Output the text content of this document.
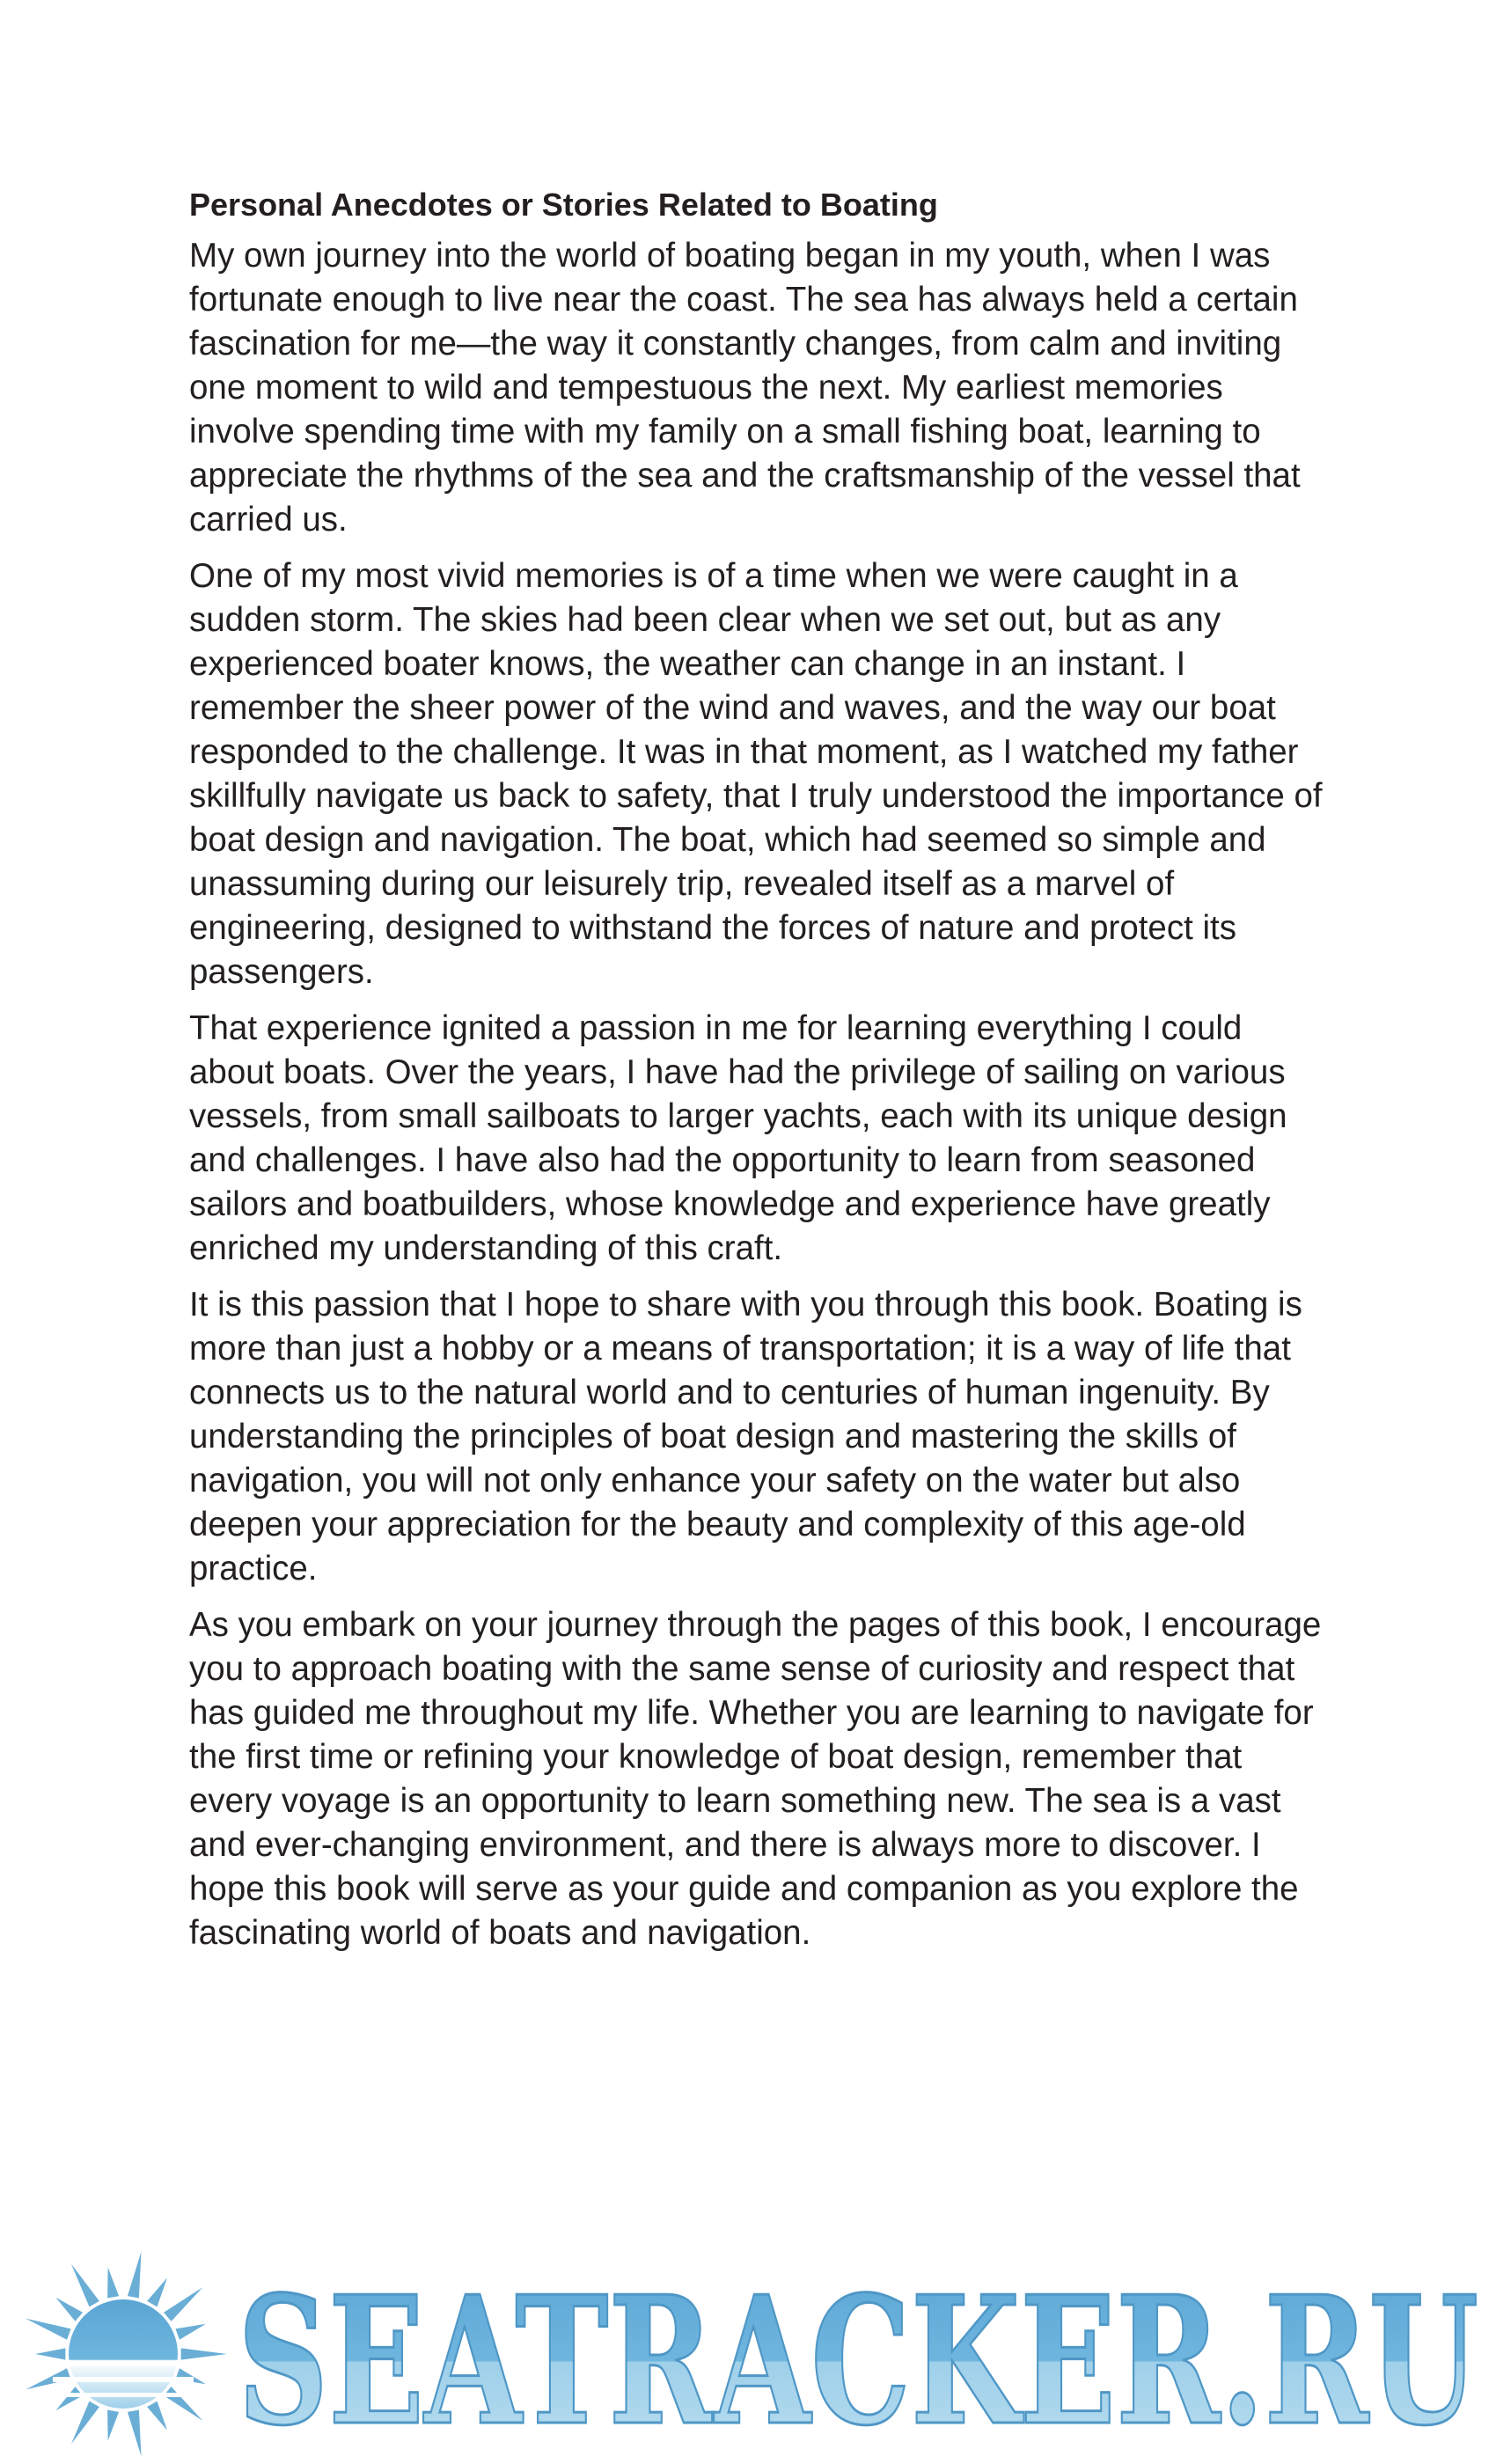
Personal Anecdotes or Stories Related to Boating

My own journey into the world of boating began in my youth, when I was fortunate enough to live near the coast. The sea has always held a certain fascination for me—the way it constantly changes, from calm and inviting one moment to wild and tempestuous the next. My earliest memories involve spending time with my family on a small fishing boat, learning to appreciate the rhythms of the sea and the craftsmanship of the vessel that carried us.

One of my most vivid memories is of a time when we were caught in a sudden storm. The skies had been clear when we set out, but as any experienced boater knows, the weather can change in an instant. I remember the sheer power of the wind and waves, and the way our boat responded to the challenge. It was in that moment, as I watched my father skillfully navigate us back to safety, that I truly understood the importance of boat design and navigation. The boat, which had seemed so simple and unassuming during our leisurely trip, revealed itself as a marvel of engineering, designed to withstand the forces of nature and protect its passengers.

That experience ignited a passion in me for learning everything I could about boats. Over the years, I have had the privilege of sailing on various vessels, from small sailboats to larger yachts, each with its unique design and challenges. I have also had the opportunity to learn from seasoned sailors and boatbuilders, whose knowledge and experience have greatly enriched my understanding of this craft.

It is this passion that I hope to share with you through this book. Boating is more than just a hobby or a means of transportation; it is a way of life that connects us to the natural world and to centuries of human ingenuity. By understanding the principles of boat design and mastering the skills of navigation, you will not only enhance your safety on the water but also deepen your appreciation for the beauty and complexity of this age-old practice.

As you embark on your journey through the pages of this book, I encourage you to approach boating with the same sense of curiosity and respect that has guided me throughout my life. Whether you are learning to navigate for the first time or refining your knowledge of boat design, remember that every voyage is an opportunity to learn something new. The sea is a vast and ever-changing environment, and there is always more to discover. I hope this book will serve as your guide and companion as you explore the fascinating world of boats and navigation.

SEATRACKER.RU
